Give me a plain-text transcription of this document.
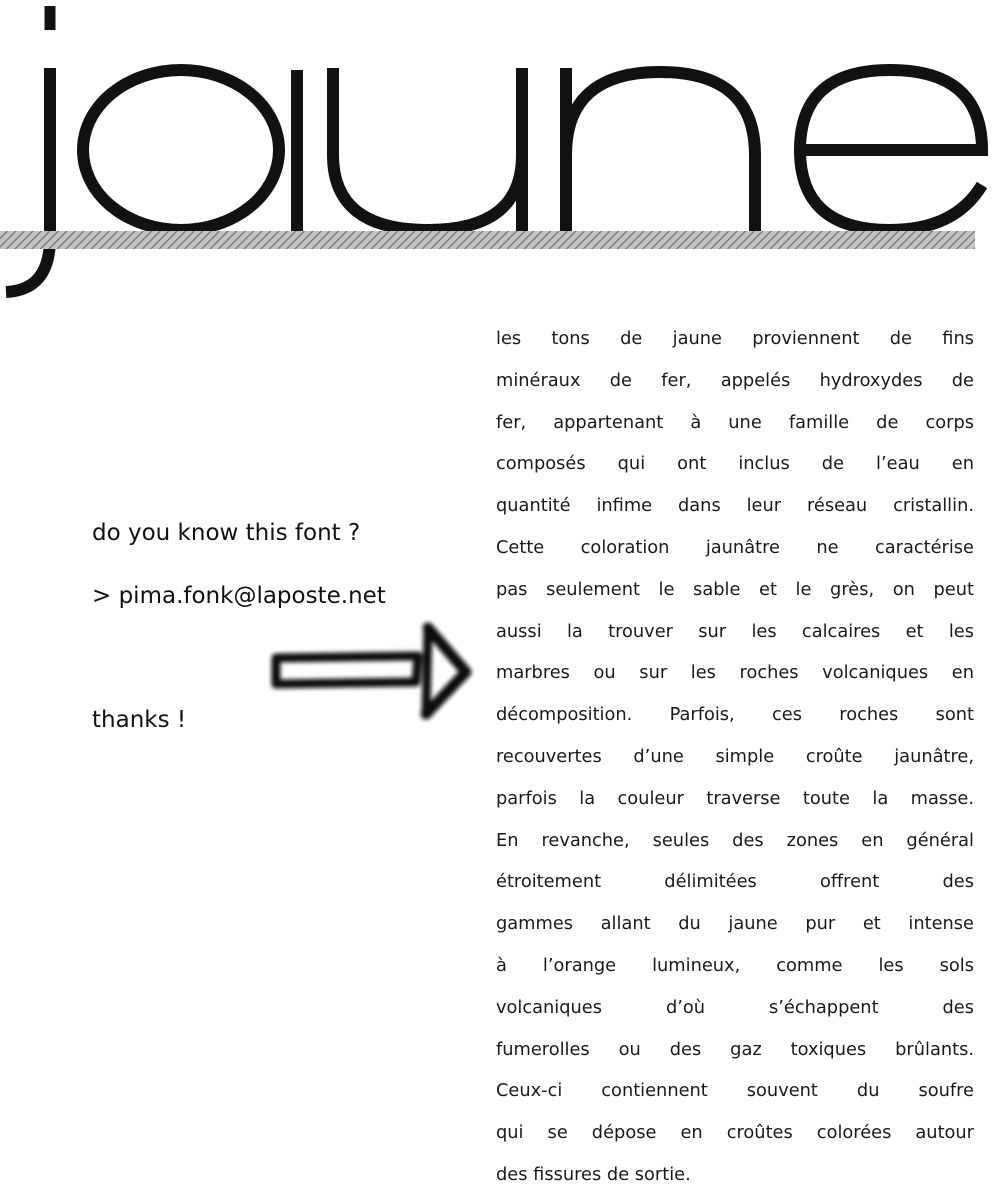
do you know this font ?

> pima.fonk@laposte.net

thanks !

les tons de jaune proviennent de fins
minéraux de fer, appelés hydroxydes de
fer, appartenant à une famille de corps
composés qui ont inclus de l’eau en
quantité infime dans leur réseau cristallin.
Cette coloration jaunâtre ne caractérise
pas seulement le sable et le grès, on peut
aussi la trouver sur les calcaires et les
marbres ou sur les roches volcaniques en
décomposition. Parfois, ces roches sont
recouvertes d’une simple croûte jaunâtre,
parfois la couleur traverse toute la masse.
En revanche, seules des zones en général
étroitement délimitées offrent des
gammes allant du jaune pur et intense
à l’orange lumineux, comme les sols
volcaniques d’où s’échappent des
fumerolles ou des gaz toxiques brûlants.
Ceux-ci contiennent souvent du soufre
qui se dépose en croûtes colorées autour
des fissures de sortie.
